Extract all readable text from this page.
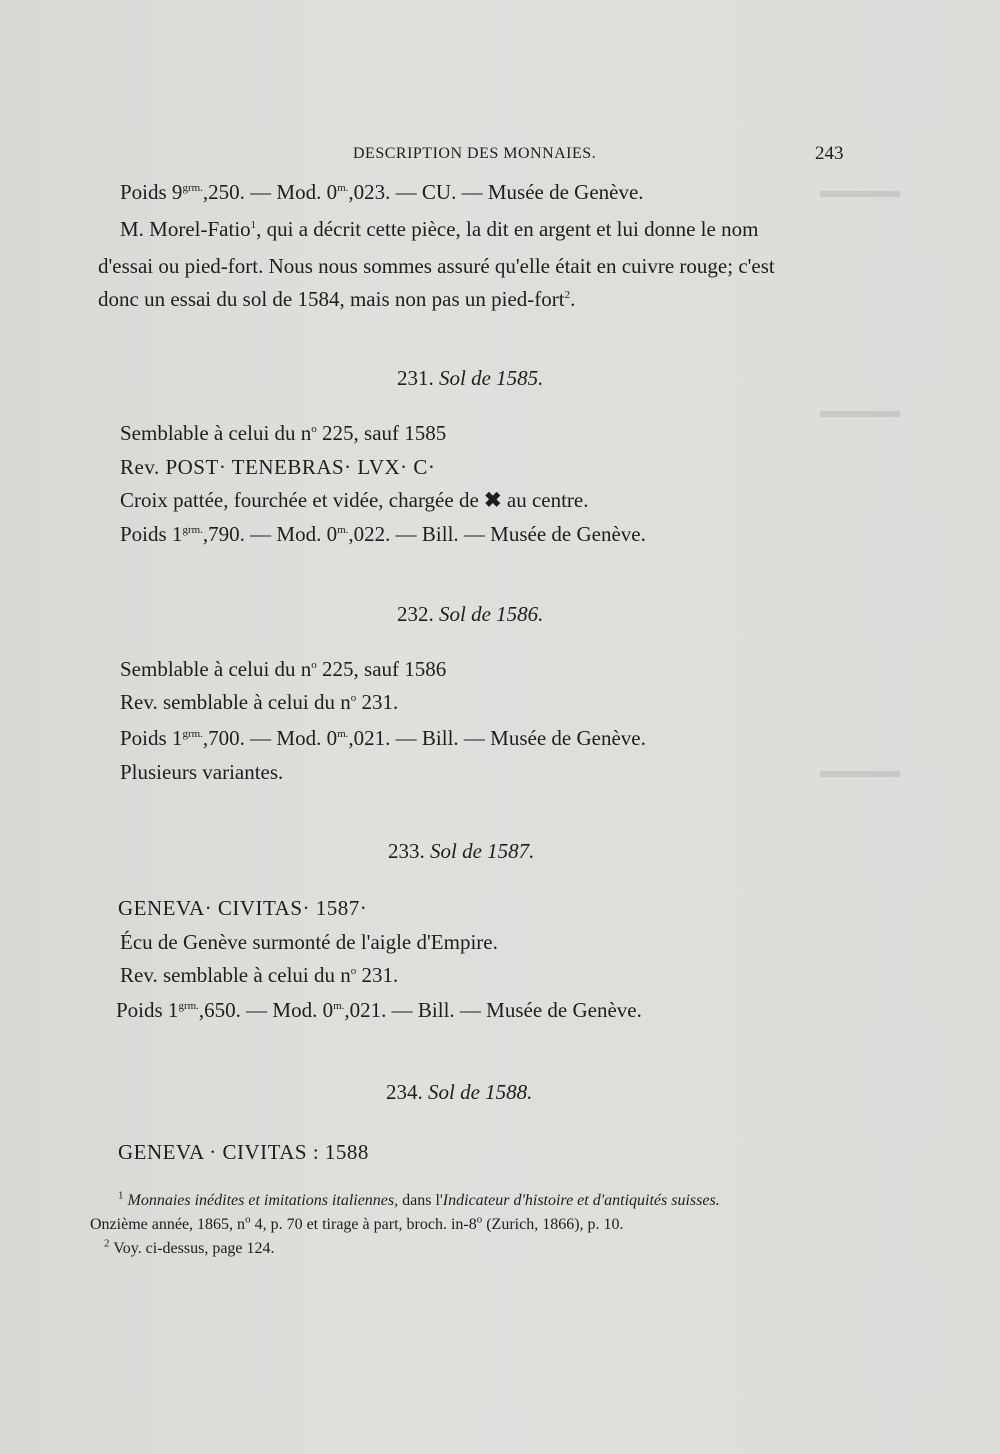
▬▬▬▬
▬▬▬▬
▬▬▬▬
DESCRIPTION DES MONNAIES.	243
Poids $9^{grm.},250$. — Mod. $0^{m.},023$. — CU. — Musée de Genève.
M. Morel-Fatio$^1$, qui a décrit cette pièce, la dit en argent et lui donne le nom
d'essai ou pied-fort. Nous nous sommes assuré qu'elle était en cuivre rouge; c'est
donc un essai du sol de 1584, mais non pas un pied-fort$^2$.
231. Sol de 1585.
Semblable à celui du $n^o$ 225, sauf 1585
Rev. POST· TENEBRAS· LVX· C·
Croix pattée, fourchée et vidée, chargée de ✖ au centre.
Poids $1^{grm.},790$. — Mod. $0^{m.},022$. — Bill. — Musée de Genève.
232. Sol de 1586.
Semblable à celui du $n^o$ 225, sauf 1586
Rev. semblable à celui du $n^o$ 231.
Poids $1^{grm.},700$. — Mod. $0^{m.},021$. — Bill. — Musée de Genève.
Plusieurs variantes.
233. Sol de 1587.
GENEVA· CIVITAS· 1587·
Écu de Genève surmonté de l'aigle d'Empire.
Rev. semblable à celui du $n^o$ 231.
Poids $1^{grm.},650$. — Mod. $0^{m.},021$. — Bill. — Musée de Genève.
234. Sol de 1588.
GENEVA · CIVITAS : 1588
$^1$ Monnaies inédites et imitations italiennes, dans l'Indicateur d'histoire et d'antiquités suisses.
Onzième année, 1865, $n^o$ 4, p. 70 et tirage à part, broch. in-8$^o$ (Zurich, 1866), p. 10.
$^2$ Voy. ci-dessus, page 124.
